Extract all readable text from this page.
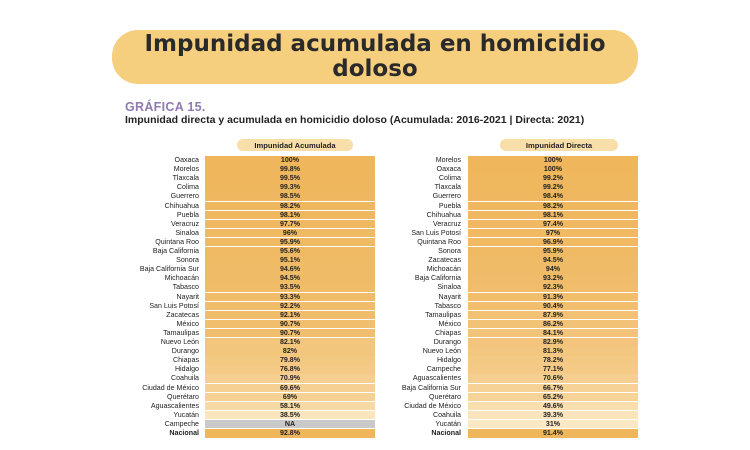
Impunidad acumulada en homicidio doloso
GRÁFICA 15.
Impunidad directa y acumulada en homicidio doloso (Acumulada: 2016-2021 | Directa: 2021)
Impunidad Acumulada
Oaxaca	100%
Morelos	99.8%
Tlaxcala	99.5%
Colima	99.3%
Guerrero	98.5%
Chihuahua	98.2%
Puebla	98.1%
Veracruz	97.7%
Sinaloa	96%
Quintana Roo	95.9%
Baja California	95.6%
Sonora	95.1%
Baja California Sur	94.6%
Michoacán	94.5%
Tabasco	93.5%
Nayarit	93.3%
San Luis Potosí	92.2%
Zacatecas	92.1%
México	90.7%
Tamaulipas	90.7%
Nuevo León	82.1%
Durango	82%
Chiapas	79.8%
Hidalgo	76.8%
Coahuila	70.9%
Ciudad de México	69.6%
Querétaro	69%
Aguascalientes	58.1%
Yucatán	38.5%
Campeche	NA
Nacional	92.8%
Impunidad Directa
Morelos	100%
Oaxaca	100%
Colima	99.2%
Tlaxcala	99.2%
Guerrero	98.4%
Puebla	98.2%
Chihuahua	98.1%
Veracruz	97.4%
San Luis Potosí	97%
Quintana Roo	96.9%
Sonora	95.9%
Zacatecas	94.5%
Michoacán	94%
Baja California	93.2%
Sinaloa	92.3%
Nayarit	91.3%
Tabasco	90.4%
Tamaulipas	87.9%
México	86.2%
Chiapas	84.1%
Durango	82.9%
Nuevo León	81.3%
Hidalgo	78.2%
Campeche	77.1%
Aguascalientes	70.6%
Baja California Sur	66.7%
Querétaro	65.2%
Ciudad de México	49.6%
Coahuila	39.3%
Yucatán	31%
Nacional	91.4%
